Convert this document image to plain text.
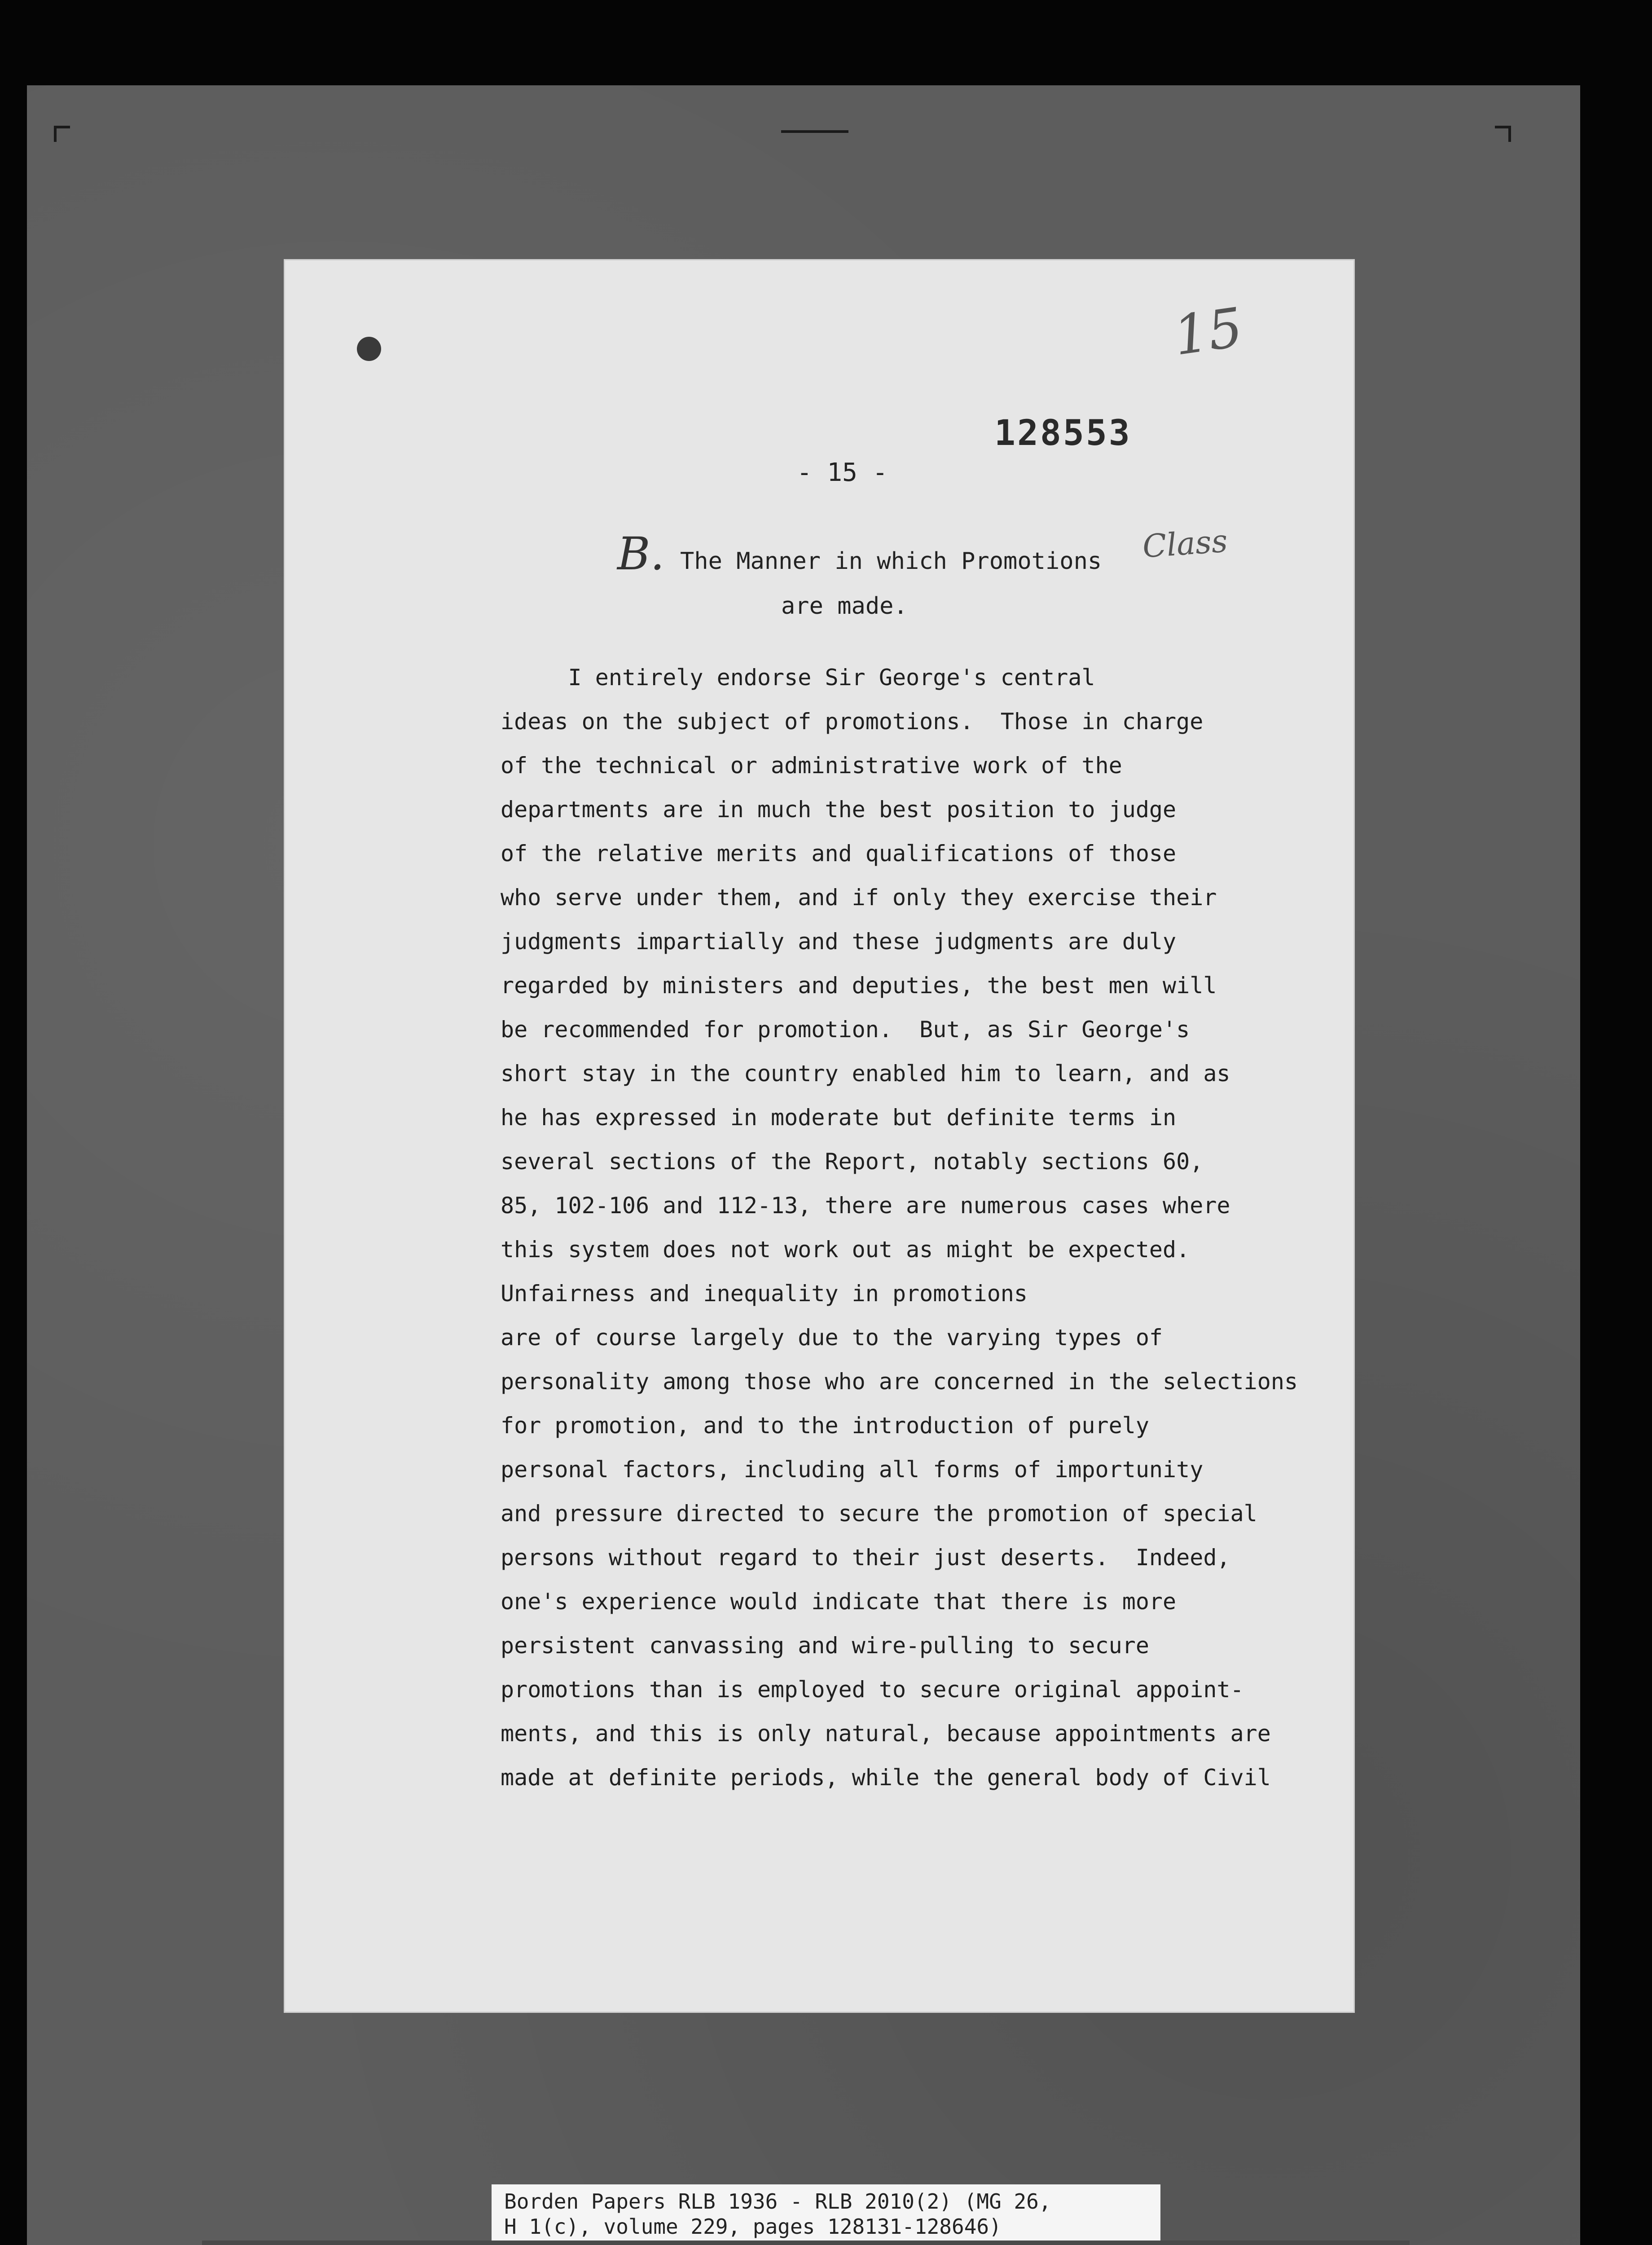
15
128553
- 15 -
B. The Manner in which Promotions Class
are made.
I entirely endorse Sir George's central
ideas on the subject of promotions.  Those in charge
of the technical or administrative work of the
departments are in much the best position to judge
of the relative merits and qualifications of those
who serve under them, and if only they exercise their
judgments impartially and these judgments are duly
regarded by ministers and deputies, the best men will
be recommended for promotion.  But, as Sir George's
short stay in the country enabled him to learn, and as
he has expressed in moderate but definite terms in
several sections of the Report, notably sections 60,
85, 102-106 and 112-13, there are numerous cases where
this system does not work out as might be expected.
Unfairness and inequality in promotions
are of course largely due to the varying types of
personality among those who are concerned in the selections
for promotion, and to the introduction of purely
personal factors, including all forms of importunity
and pressure directed to secure the promotion of special
persons without regard to their just deserts.  Indeed,
one's experience would indicate that there is more
persistent canvassing and wire-pulling to secure
promotions than is employed to secure original appoint-
ments, and this is only natural, because appointments are
made at definite periods, while the general body of Civil
Borden Papers RLB 1936 - RLB 2010(2) (MG 26,
H 1(c), volume 229, pages 128131-128646)
